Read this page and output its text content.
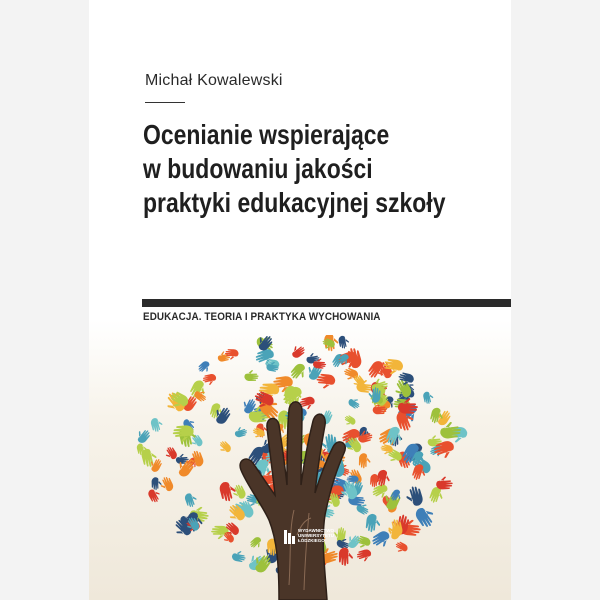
Michał Kowalewski
Ocenianie wspierające
w budowaniu jakości
praktyki edukacyjnej szkoły
EDUKACJA. TEORIA I PRAKTYKA WYCHOWANIA
WYDAWNICTWO
UNIWERSYTETU
ŁÓDZKIEGO
